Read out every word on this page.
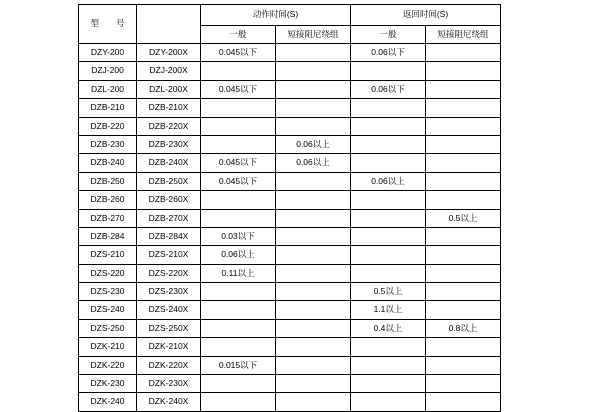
型　　号		动作时间(S)		返回时间(S)	
		一般	短接阻尼绕组	一般	短接阻尼绕组
DZY-200	DZY-200X	0.045以下		0.06以下	
DZJ-200	DZJ-200X				
DZL-200	DZL-200X	0.045以下		0.06以下	
DZB-210	DZB-210X				
DZB-220	DZB-220X				
DZB-230	DZB-230X		0.06以上		
DZB-240	DZB-240X	0.045以下	0.06以上		
DZB-250	DZB-250X	0.045以下		0.06以上	
DZB-260	DZB-260X				
DZB-270	DZB-270X				0.5以上
DZB-284	DZB-284X	0.03以下			
DZS-210	DZS-210X	0.06以上			
DZS-220	DZS-220X	0.11以上			
DZS-230	DZS-230X			0.5以上	
DZS-240	DZS-240X			1.1以上	
DZS-250	DZS-250X			0.4以上	0.8以上
DZK-210	DZK-210X				
DZK-220	DZK-220X	0.015以下			
DZK-230	DZK-230X				
DZK-240	DZK-240X				
